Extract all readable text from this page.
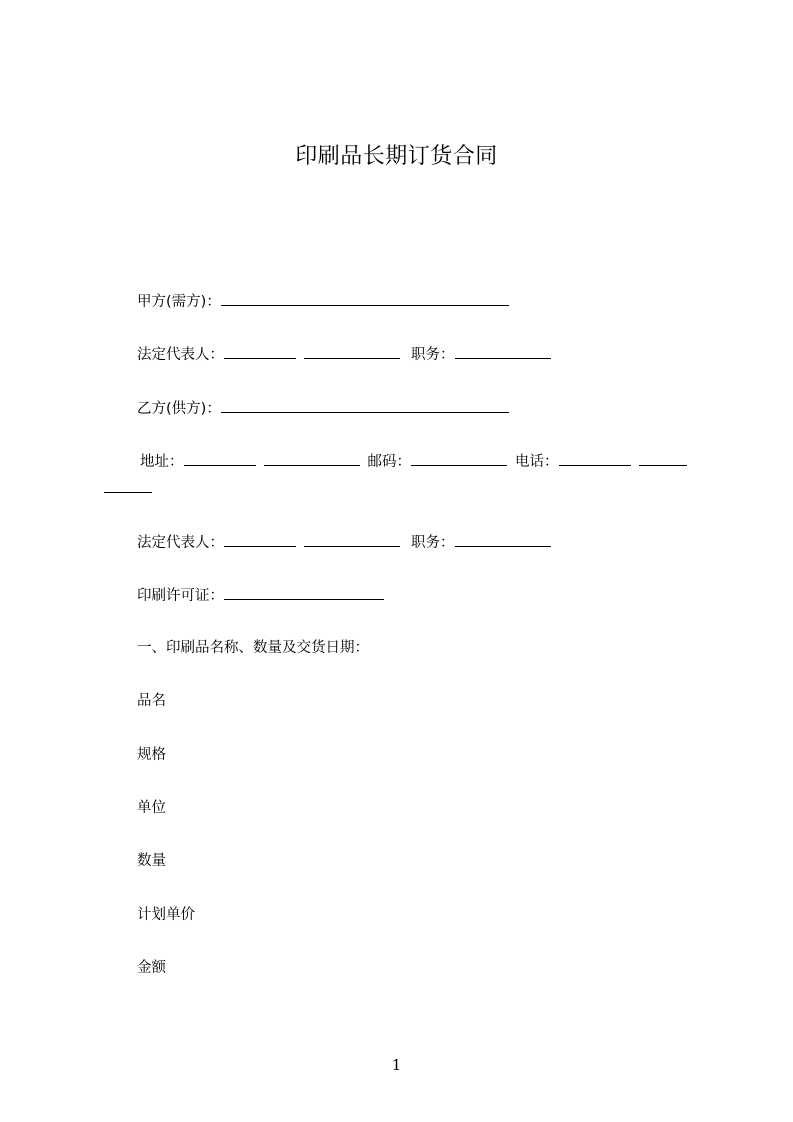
印刷品长期订货合同
甲方(需方)：
法定代表人：	职务：
乙方(供方)：
地址：	邮码：	电话：
法定代表人：	职务：
印刷许可证：
一、印刷品名称、数量及交货日期：
品名
规格
单位
数量
计划单价
金额
1
